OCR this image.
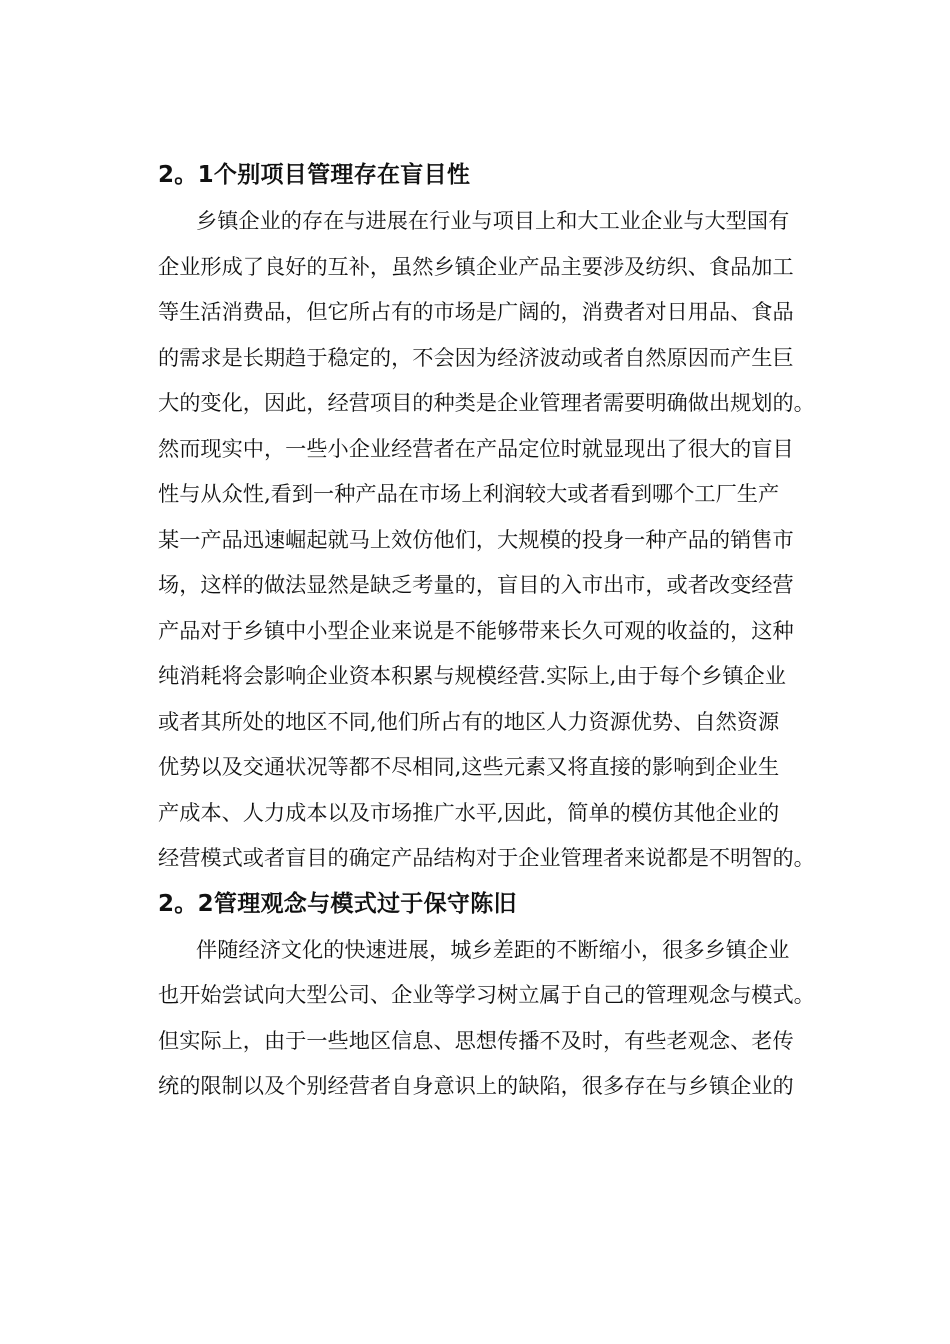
2。1个别项目管理存在盲目性
乡镇企业的存在与进展在行业与项目上和大工业企业与大型国有
企业形成了良好的互补，虽然乡镇企业产品主要涉及纺织、食品加工
等生活消费品，但它所占有的市场是广阔的，消费者对日用品、食品
的需求是长期趋于稳定的，不会因为经济波动或者自然原因而产生巨
大的变化，因此，经营项目的种类是企业管理者需要明确做出规划的。
然而现实中，一些小企业经营者在产品定位时就显现出了很大的盲目
性与从众性,看到一种产品在市场上利润较大或者看到哪个工厂生产
某一产品迅速崛起就马上效仿他们，大规模的投身一种产品的销售市
场，这样的做法显然是缺乏考量的，盲目的入市出市，或者改变经营
产品对于乡镇中小型企业来说是不能够带来长久可观的收益的，这种
纯消耗将会影响企业资本积累与规模经营.实际上,由于每个乡镇企业
或者其所处的地区不同,他们所占有的地区人力资源优势、自然资源
优势以及交通状况等都不尽相同,这些元素又将直接的影响到企业生
产成本、人力成本以及市场推广水平,因此，简单的模仿其他企业的
经营模式或者盲目的确定产品结构对于企业管理者来说都是不明智的。
2。2管理观念与模式过于保守陈旧
伴随经济文化的快速进展，城乡差距的不断缩小，很多乡镇企业
也开始尝试向大型公司、企业等学习树立属于自己的管理观念与模式。
但实际上，由于一些地区信息、思想传播不及时，有些老观念、老传
统的限制以及个别经营者自身意识上的缺陷，很多存在与乡镇企业的
